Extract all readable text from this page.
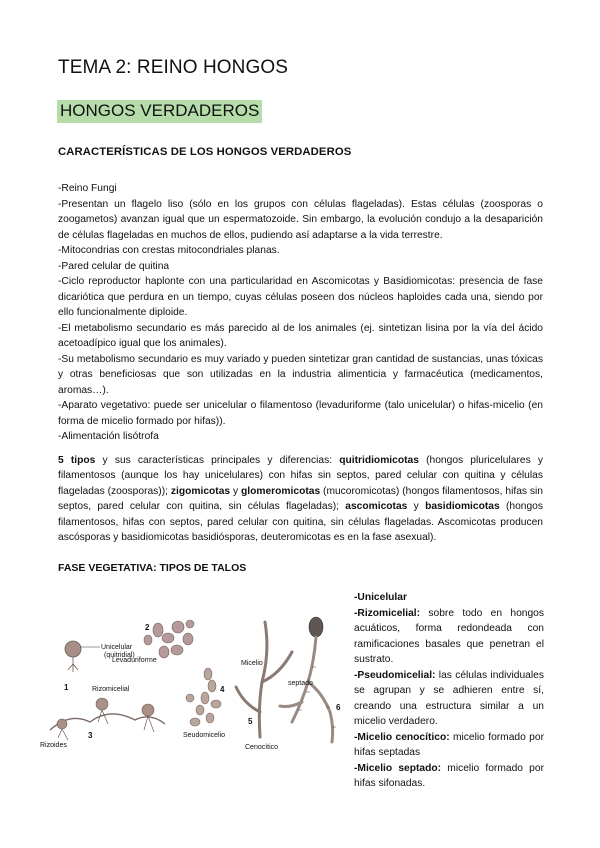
TEMA 2: REINO HONGOS
HONGOS VERDADEROS
CARACTERÍSTICAS DE LOS HONGOS VERDADEROS

-Reino Fungi

-Presentan un flagelo liso (sólo en los grupos con células flageladas). Estas células (zoosporas o zoogametos) avanzan igual que un espermatozoide. Sin embargo, la evolución condujo a la desaparición de células flageladas en muchos de ellos, pudiendo así adaptarse a la vida terrestre.

-Mitocondrias con crestas mitocondriales planas.

-Pared celular de quitina

-Ciclo reproductor haplonte con una particularidad en Ascomicotas y Basidiomicotas: presencia de fase dicariótica que perdura en un tiempo, cuyas células poseen dos núcleos haploides cada una, siendo por ello funcionalmente diploide.

-El metabolismo secundario es más parecido al de los animales (ej. sintetizan lisina por la vía del ácido acetoadípico igual que los animales).

-Su metabolismo secundario es muy variado y pueden sintetizar gran cantidad de sustancias, unas tóxicas y otras beneficiosas que son utilizadas en la industria alimenticia y farmacéutica (medicamentos, aromas…).

-Aparato vegetativo: puede ser unicelular o filamentoso (levaduriforme (talo unicelular) o hifas-micelio (en forma de micelio formado por hifas)).

-Alimentación lisótrofa

5 tipos y sus características principales y diferencias: quitridiomicotas (hongos pluricelulares y filamentosos (aunque los hay unicelulares) con hifas sin septos, pared celular con quitina y células flageladas (zoosporas)); zigomicotas y glomeromicotas (mucoromicotas) (hongos filamentosos, hifas sin septos, pared celular con quitina, sin células flageladas); ascomicotas y basidiomicotas (hongos filamentosos, hifas con septos, pared celular con quitina, sin células flageladas. Ascomicotas producen ascósporas y basidiomicotas basidiósporas, deuteromicotas es en la fase asexual).

FASE VEGETATIVA: TIPOS DE TALOS
Unicelular
(quitridial)
1
2
Levaduriforme
Rizomicelial
Rizoides
3
4
Seudomicelio
Micelio
5
Cenocítico
septado
6

-Unicelular

-Rizomicelial: sobre todo en hongos acuáticos, forma redondeada con ramificaciones basales que penetran el sustrato.

-Pseudomicelial: las células individuales se agrupan y se adhieren entre sí, creando una estructura similar a un micelio verdadero.

-Micelio cenocítico: micelio formado por hifas septadas

-Micelio septado: micelio formado por hifas sifonadas.
